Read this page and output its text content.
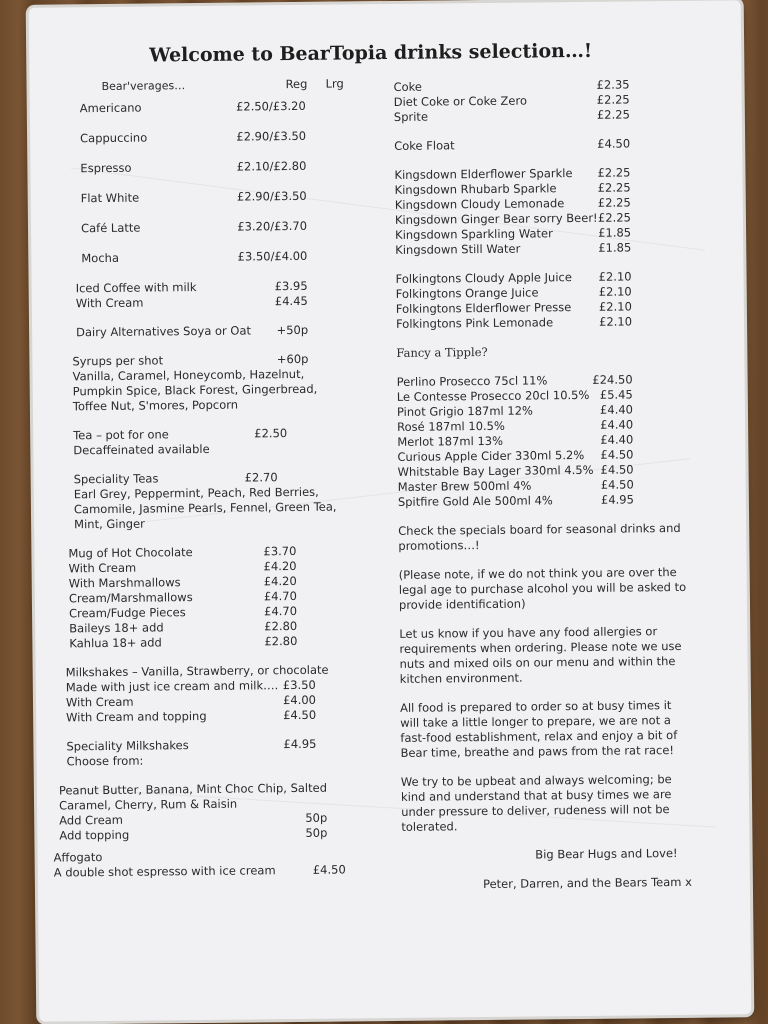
Welcome to BearTopia drinks selection…!
Bear'verages…	Reg	Lrg
Americano	£2.50/£3.20
Cappuccino	£2.90/£3.50
Espresso	£2.10/£2.80
Flat White	£2.90/£3.50
Café Latte	£3.20/£3.70
Mocha	£3.50/£4.00
Iced Coffee with milk	£3.95
With Cream	£4.45
Dairy Alternatives Soya or Oat	+50p
Syrups per shot	+60p
Vanilla, Caramel, Honeycomb, Hazelnut, Pumpkin Spice, Black Forest, Gingerbread, Toffee Nut, S'mores, Popcorn
Tea – pot for one	£2.50
Decaffeinated available
Speciality Teas	£2.70
Earl Grey, Peppermint, Peach, Red Berries, Camomile, Jasmine Pearls, Fennel, Green Tea, Mint, Ginger
Mug of Hot Chocolate	£3.70
With Cream	£4.20
With Marshmallows	£4.20
Cream/Marshmallows	£4.70
Cream/Fudge Pieces	£4.70
Baileys 18+ add	£2.80
Kahlua 18+ add	£2.80
Milkshakes – Vanilla, Strawberry, or chocolate
Made with just ice cream and milk…. £3.50
With Cream	£4.00
With Cream and topping	£4.50
Speciality Milkshakes	£4.95
Choose from:
Peanut Butter, Banana, Mint Choc Chip, Salted Caramel, Cherry, Rum & Raisin
Add Cream	50p
Add topping	50p
Affogato
A double shot espresso with ice cream	£4.50
Coke	£2.35
Diet Coke or Coke Zero	£2.25
Sprite	£2.25
Coke Float	£4.50
Kingsdown Elderflower Sparkle	£2.25
Kingsdown Rhubarb Sparkle	£2.25
Kingsdown Cloudy Lemonade	£2.25
Kingsdown Ginger Bear sorry Beer! £2.25
Kingsdown Sparkling Water	£1.85
Kingsdown Still Water	£1.85
Folkingtons Cloudy Apple Juice	£2.10
Folkingtons Orange Juice	£2.10
Folkingtons Elderflower Presse	£2.10
Folkingtons Pink Lemonade	£2.10
Fancy a Tipple?
Perlino Prosecco 75cl 11%	£24.50
Le Contesse Prosecco 20cl 10.5% £5.45
Pinot Grigio 187ml 12%	£4.40
Rosé 187ml 10.5%	£4.40
Merlot 187ml 13%	£4.40
Curious Apple Cider 330ml 5.2%	£4.50
Whitstable Bay Lager 330ml 4.5% £4.50
Master Brew 500ml 4%	£4.50
Spitfire Gold Ale 500ml 4%	£4.95
Check the specials board for seasonal drinks and promotions…!
(Please note, if we do not think you are over the legal age to purchase alcohol you will be asked to provide identification)
Let us know if you have any food allergies or requirements when ordering. Please note we use nuts and mixed oils on our menu and within the kitchen environment.
All food is prepared to order so at busy times it will take a little longer to prepare, we are not a fast-food establishment, relax and enjoy a bit of Bear time, breathe and paws from the rat race!
We try to be upbeat and always welcoming; be kind and understand that at busy times we are under pressure to deliver, rudeness will not be tolerated.
Big Bear Hugs and Love!
Peter, Darren, and the Bears Team x
